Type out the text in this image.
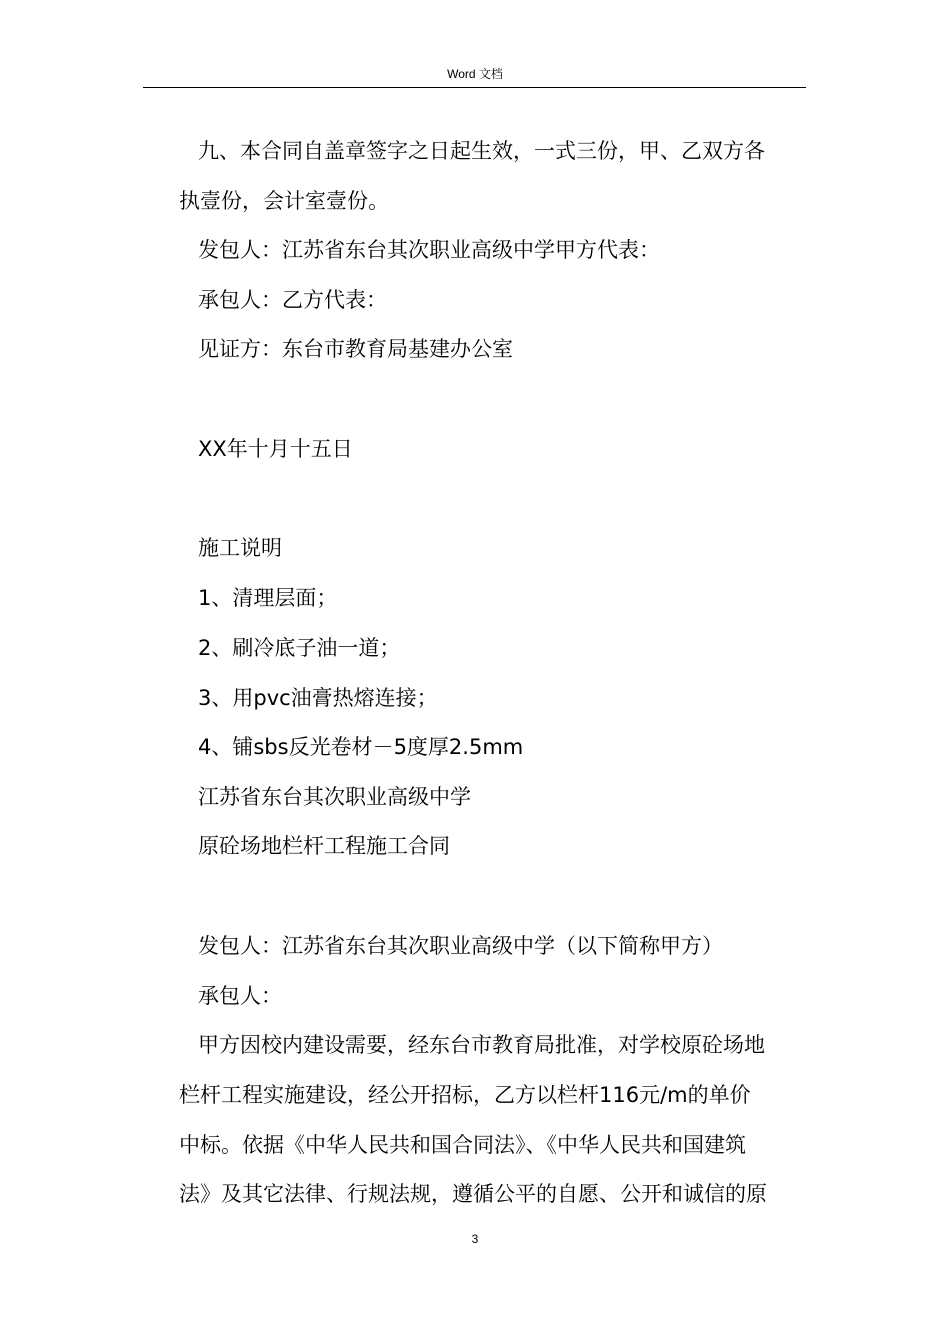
Word 文档
九、本合同自盖章签字之日起生效，一式三份，甲、乙双方各
执壹份，会计室壹份。
发包人：江苏省东台其次职业高级中学甲方代表：
承包人：乙方代表：
见证方：东台市教育局基建办公室
XX年十月十五日
施工说明
1、清理层面；
2、刷冷底子油一道；
3、用pvc油膏热熔连接；
4、铺sbs反光卷材－5度厚2.5mm
江苏省东台其次职业高级中学
原砼场地栏杆工程施工合同
发包人：江苏省东台其次职业高级中学（以下简称甲方）
承包人：
甲方因校内建设需要，经东台市教育局批准，对学校原砼场地
栏杆工程实施建设，经公开招标，乙方以栏杆116元/m的单价
中标。依据《中华人民共和国合同法》、《中华人民共和国建筑
法》及其它法律、行规法规，遵循公平的自愿、公开和诚信的原
3
